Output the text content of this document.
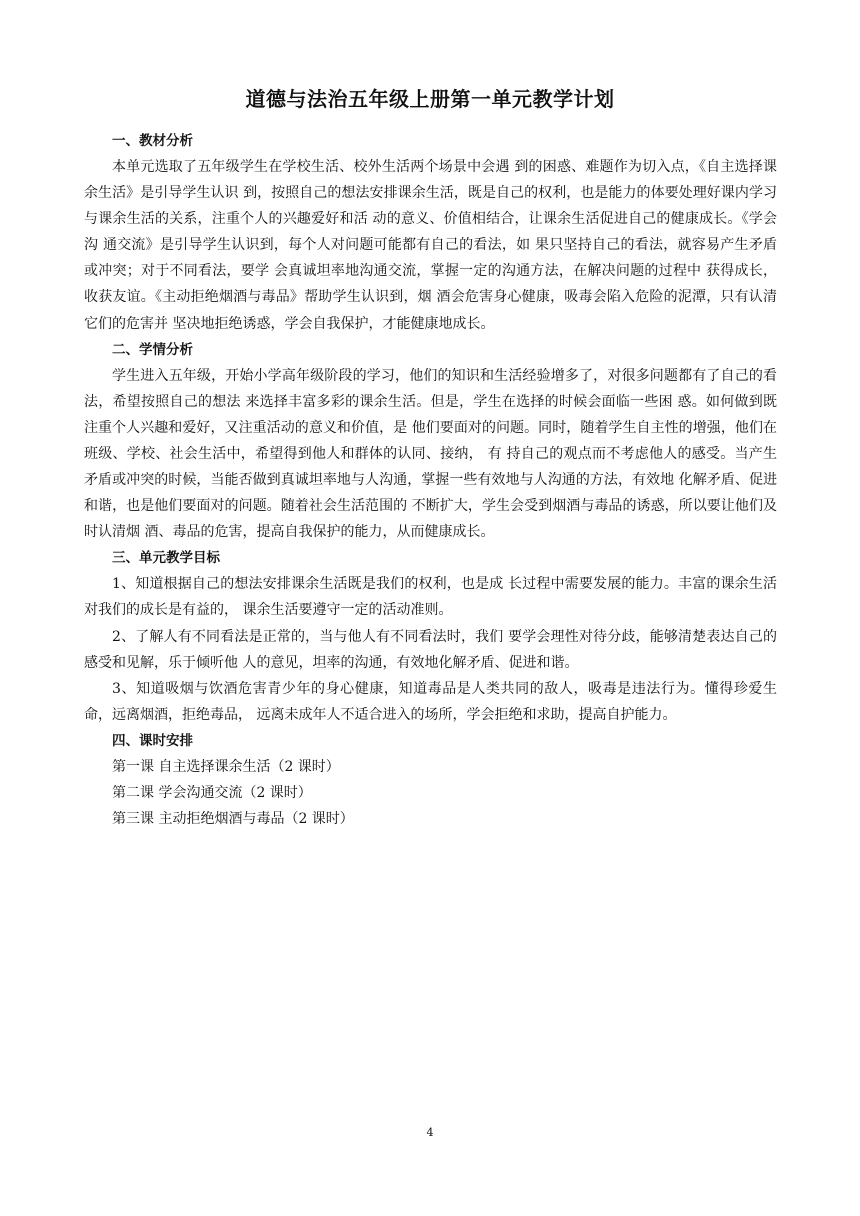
道德与法治五年级上册第一单元教学计划

一、教材分析

本单元选取了五年级学生在学校生活、校外生活两个场景中会遇 到的困惑、难题作为切入点，《自主选择课余生活》是引导学生认识 到，按照自己的想法安排课余生活，既是自己的权利，也是能力的体要处理好课内学习与课余生活的关系，注重个人的兴趣爱好和活 动的意义、价值相结合，让课余生活促进自己的健康成长。《学会沟 通交流》是引导学生认识到，每个人对问题可能都有自己的看法，如 果只坚持自己的看法，就容易产生矛盾或冲突；对于不同看法，要学 会真诚坦率地沟通交流，掌握一定的沟通方法，在解决问题的过程中 获得成长，收获友谊。《主动拒绝烟酒与毒品》帮助学生认识到，烟 酒会危害身心健康，吸毒会陷入危险的泥潭，只有认清它们的危害并 坚决地拒绝诱惑，学会自我保护，才能健康地成长。

二、学情分析

学生进入五年级，开始小学高年级阶段的学习，他们的知识和生活经验增多了，对很多问题都有了自己的看法，希望按照自己的想法 来选择丰富多彩的课余生活。但是，学生在选择的时候会面临一些困 惑。如何做到既注重个人兴趣和爱好，又注重活动的意义和价值，是 他们要面对的问题。同时，随着学生自主性的增强，他们在班级、学校、社会生活中，希望得到他人和群体的认同、接纳， 有 持自己的观点而不考虑他人的感受。当产生矛盾或冲突的时候，当能否做到真诚坦率地与人沟通，掌握一些有效地与人沟通的方法，有效地 化解矛盾、促进和谐，也是他们要面对的问题。随着社会生活范围的 不断扩大，学生会受到烟酒与毒品的诱惑，所以要让他们及时认清烟 酒、毒品的危害，提高自我保护的能力，从而健康成长。

三、单元教学目标

1、知道根据自己的想法安排课余生活既是我们的权利，也是成 长过程中需要发展的能力。丰富的课余生活对我们的成长是有益的， 课余生活要遵守一定的活动准则。

2、了解人有不同看法是正常的，当与他人有不同看法时，我们 要学会理性对待分歧，能够清楚表达自己的感受和见解，乐于倾听他 人的意见，坦率的沟通，有效地化解矛盾、促进和谐。

3、知道吸烟与饮酒危害青少年的身心健康，知道毒品是人类共同的敌人，吸毒是违法行为。懂得珍爱生命，远离烟酒，拒绝毒品， 远离未成年人不适合进入的场所，学会拒绝和求助，提高自护能力。

四、课时安排

第一课 自主选择课余生活（2 课时）

第二课 学会沟通交流（2 课时）

第三课 主动拒绝烟酒与毒品（2 课时）

4
